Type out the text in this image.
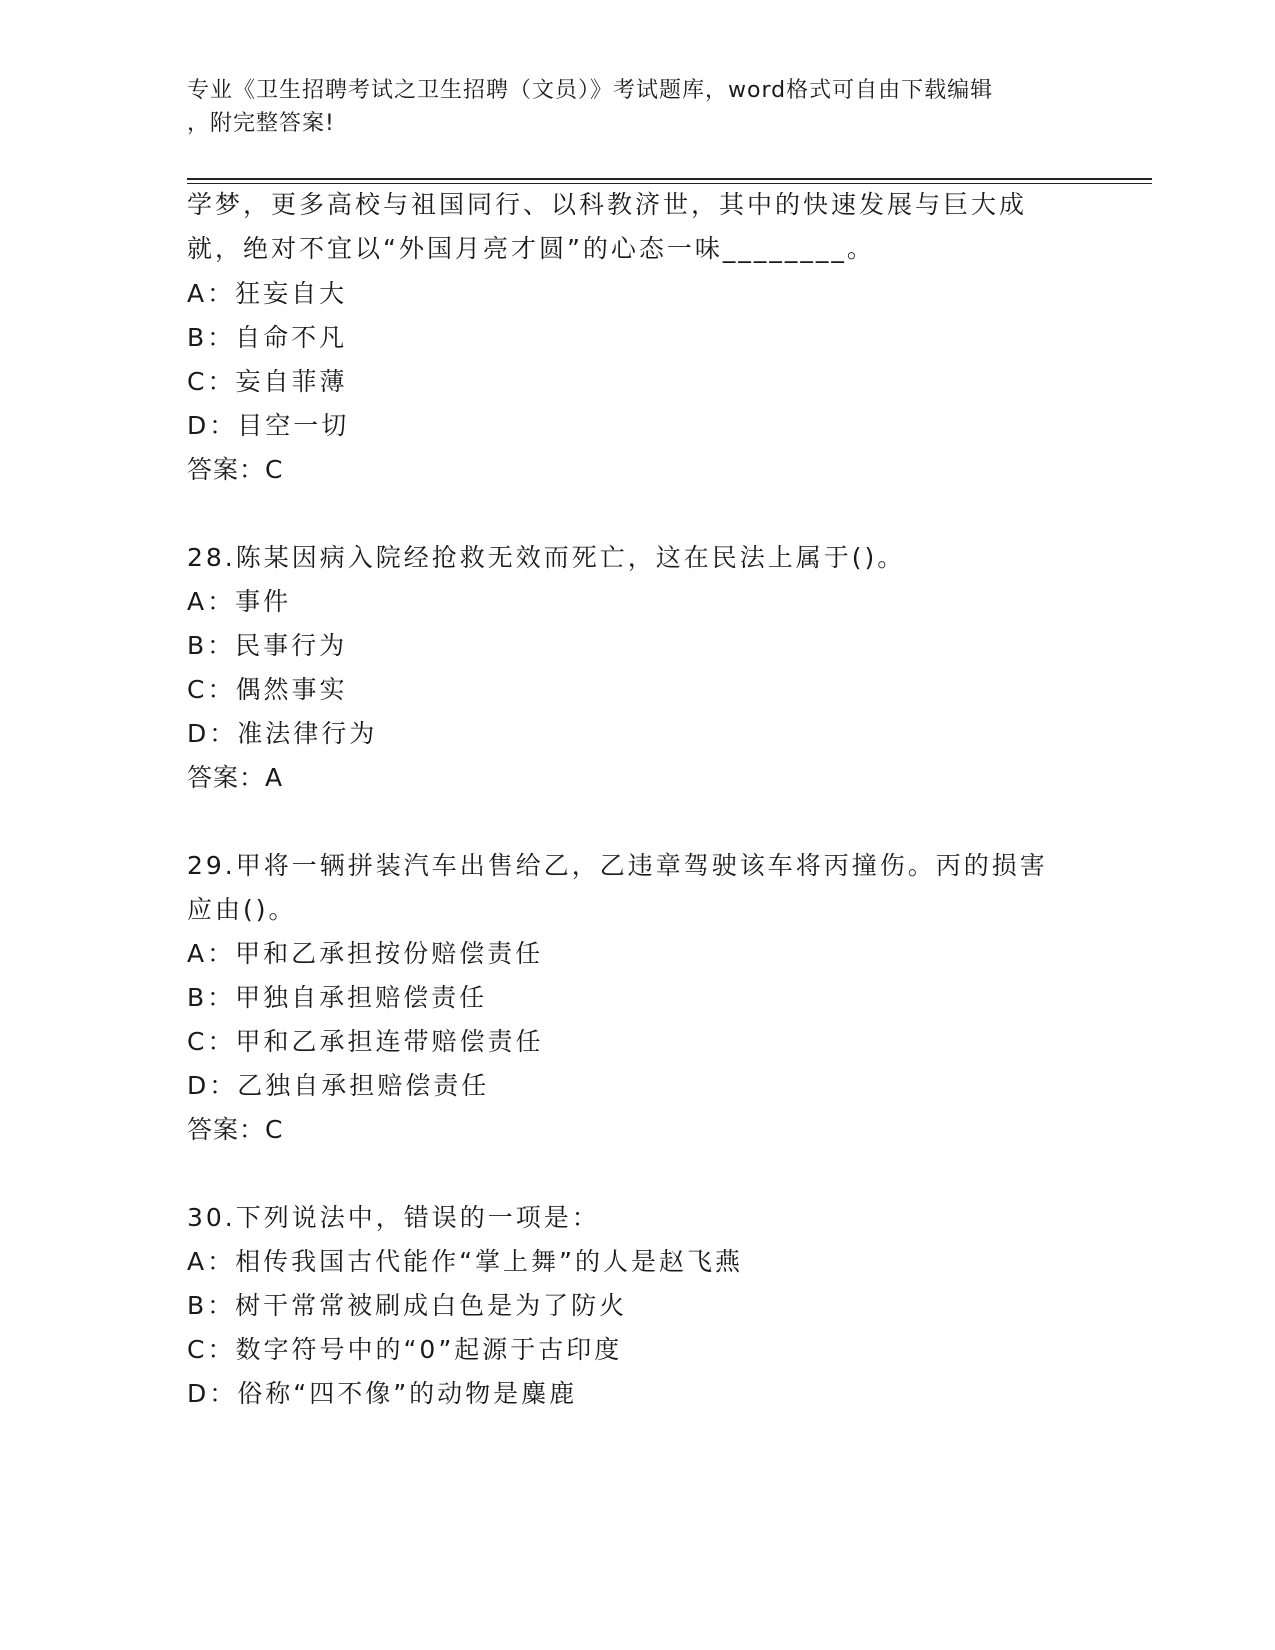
专业《卫生招聘考试之卫生招聘（文员）》考试题库，word格式可自由下载编辑
，附完整答案!
学梦，更多高校与祖国同行、以科教济世，其中的快速发展与巨大成
就，绝对不宜以“外国月亮才圆”的心态一味________。
A：狂妄自大
B：自命不凡
C：妄自菲薄
D：目空一切
答案：C
28.陈某因病入院经抢救无效而死亡，这在民法上属于()。
A：事件
B：民事行为
C：偶然事实
D：准法律行为
答案：A
29.甲将一辆拼装汽车出售给乙，乙违章驾驶该车将丙撞伤。丙的损害
应由()。
A：甲和乙承担按份赔偿责任
B：甲独自承担赔偿责任
C：甲和乙承担连带赔偿责任
D：乙独自承担赔偿责任
答案：C
30.下列说法中，错误的一项是：
A：相传我国古代能作“掌上舞”的人是赵飞燕
B：树干常常被刷成白色是为了防火
C：数字符号中的“0”起源于古印度
D：俗称“四不像”的动物是麋鹿
